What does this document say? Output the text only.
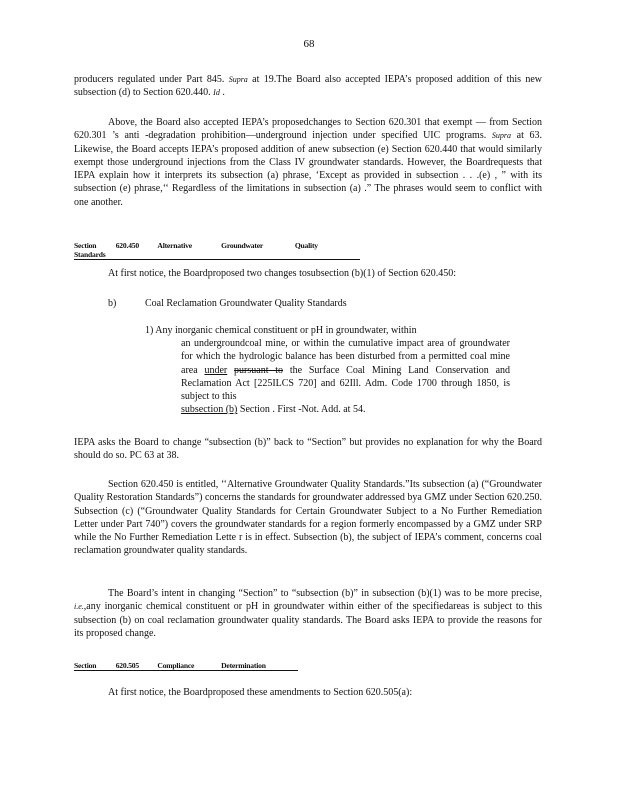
68
producers regulated under Part 845. Supra at 19.The Board also accepted IEPA’s proposed addition of this new subsection (d) to Section 620.440. Id .
Above, the Board also accepted IEPA’s proposedchanges to Section 620.301 that exempt — from Section 620.301 ’s anti -degradation prohibition—underground injection under specified UIC programs. Supra at 63. Likewise, the Board accepts IEPA’s proposed addition of anew subsection (e) Section 620.440 that would similarly exempt those underground injections from the Class IV groundwater standards. However, the Boardrequests that IEPA explain how it interprets its subsection (a) phrase, ‘Except as provided in subsection . . .(e) , ” with its subsection (e) phrase,‘‘ Regardless of the limitations in subsection (a) .” The phrases would seem to conflict with one another.
Section	620.450 Alternative	Groundwater	Quality Standards
At first notice, the Boardproposed two changes tosubsection (b)(1) of Section 620.450:
b)	Coal Reclamation Groundwater Quality Standards
1) Any inorganic chemical constituent or pH in groundwater, within
an undergroundcoal mine, or within the cumulative impact area of groundwater for which the hydrologic balance has been disturbed from a permitted coal mine area under pursuant to the Surface Coal Mining Land Conservation and Reclamation Act [225ILCS 720] and 62Ill. Adm. Code 1700 through 1850, is subject to this
subsection (b) Section . First -Not. Add. at 54.
IEPA asks the Board to change “subsection (b)” back to “Section” but provides no explanation for why the Board should do so. PC 63 at 38.
Section 620.450 is entitled, ‘‘Alternative Groundwater Quality Standards.”Its subsection (a) (“Groundwater Quality Restoration Standards”) concerns the standards for groundwater addressed bya GMZ under Section 620.250. Subsection (c) (“Groundwater Quality Standards for Certain Groundwater Subject to a No Further Remediation Letter under Part 740”) covers the groundwater standards for a region formerly encompassed by a GMZ under SRP while the No Further Remediation Lette r is in effect. Subsection (b), the subject of IEPA’s comment, concerns coal reclamation groundwater quality standards.
The Board’s intent in changing “Section” to “subsection (b)” in subsection (b)(1) was to be more precise, i.e.,any inorganic chemical constituent or pH in groundwater within either of the specifiedareas is subject to this subsection (b) on coal reclamation groundwater quality standards. The Board asks IEPA to provide the reasons for its proposed change.
Section	620.505 Compliance	Determination
At first notice, the Boardproposed these amendments to Section 620.505(a):
